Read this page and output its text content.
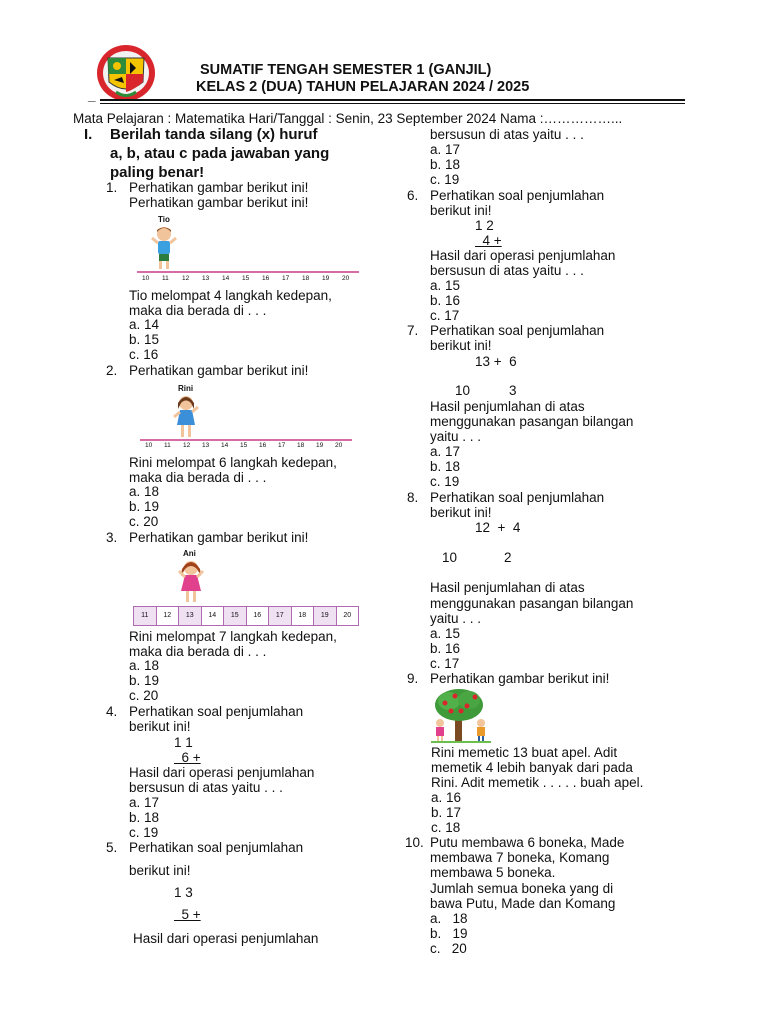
SUMATIF TENGAH SEMESTER 1 (GANJIL)
KELAS 2 (DUA) TAHUN PELAJARAN 2024 / 2025
_
Mata Pelajaran : Matematika Hari/Tanggal : Senin, 23 September 2024 Nama :……………...
I. Berilah tanda silang (x) huruf
a, b, atau c pada jawaban yang
paling benar!
1. Perhatikan gambar berikut ini!
Perhatikan gambar berikut ini!
Tio
10 11 12 13 14 15 16 17 18 19 20
Tio melompat 4 langkah kedepan,
maka dia berada di . . .
a. 14
b. 15
c. 16
2. Perhatikan gambar berikut ini!
Rini
10 11 12 13 14 15 16 17 18 19 20
Rini melompat 6 langkah kedepan,
maka dia berada di . . .
a. 18
b. 19
c. 20
3. Perhatikan gambar berikut ini!
Ani
11	12	13	14	15	16	17	18	19	20
Rini melompat 7 langkah kedepan,
maka dia berada di . . .
a. 18
b. 19
c. 20
4. Perhatikan soal penjumlahan
berikut ini!
1 1
6 +
Hasil dari operasi penjumlahan
bersusun di atas yaitu . . .
a. 17
b. 18
c. 19
5. Perhatikan soal penjumlahan
berikut ini!
1 3
5 +
Hasil dari operasi penjumlahan
bersusun di atas yaitu . . .
a. 17
b. 18
c. 19
6. Perhatikan soal penjumlahan
berikut ini!
1 2
4 +
Hasil dari operasi penjumlahan
bersusun di atas yaitu . . .
a. 15
b. 16
c. 17
7. Perhatikan soal penjumlahan
berikut ini!
13 +  6
10	3
Hasil penjumlahan di atas
menggunakan pasangan bilangan
yaitu . . .
a. 17
b. 18
c. 19
8. Perhatikan soal penjumlahan
berikut ini!
12  +  4
10	2
Hasil penjumlahan di atas
menggunakan pasangan bilangan
yaitu . . .
a. 15
b. 16
c. 17
9. Perhatikan gambar berikut ini!
Rini memetic 13 buat apel. Adit
memetik 4 lebih banyak dari pada
Rini. Adit memetik . . . . . buah apel.
a. 16
b. 17
c. 18
10. Putu membawa 6 boneka, Made
membawa 7 boneka, Komang
membawa 5 boneka.
Jumlah semua boneka yang di
bawa Putu, Made dan Komang
a.   18
b.   19
c.   20
